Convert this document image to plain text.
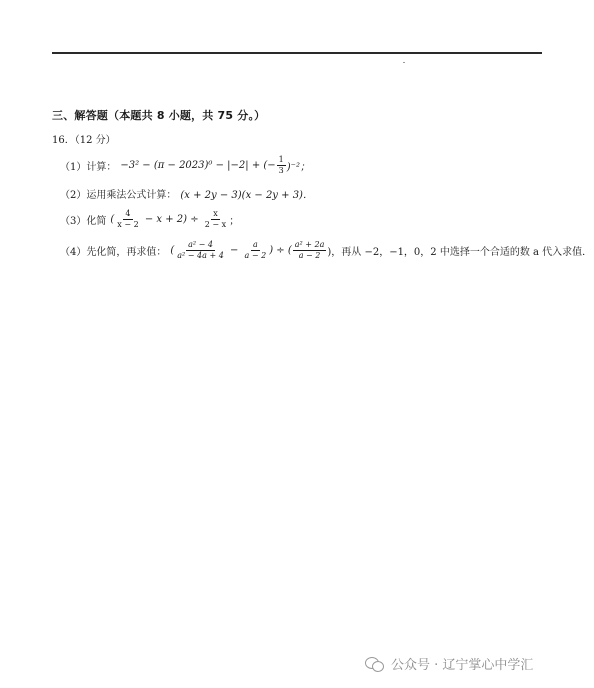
三、解答题（本题共 8 小题，共 75 分。）
16．（12 分）
（1）计算： −3² − (π − 2023)⁰ − |−2| + (− $\frac{1}{3} )^{-2}$；
（2）运用乘法公式计算： (x + 2y − 3)(x − 2y + 3)．
（3）化简 ( $\frac{4}{x - 2} - x + 2) \div \frac{x}{2 - x}$ ；
（4）先化简，再求值： ( $\frac{\text{a² − 4}}{\text{a² − 4a + 4}} - \frac{a}{a - 2}$ ) ÷ ( $\frac{\text{a² + 2a}}{a - 2}$ )，再从 −2，−1，0，2 中选择一个合适的数 a 代入求值．
公众号 · 辽宁掌心中学汇
